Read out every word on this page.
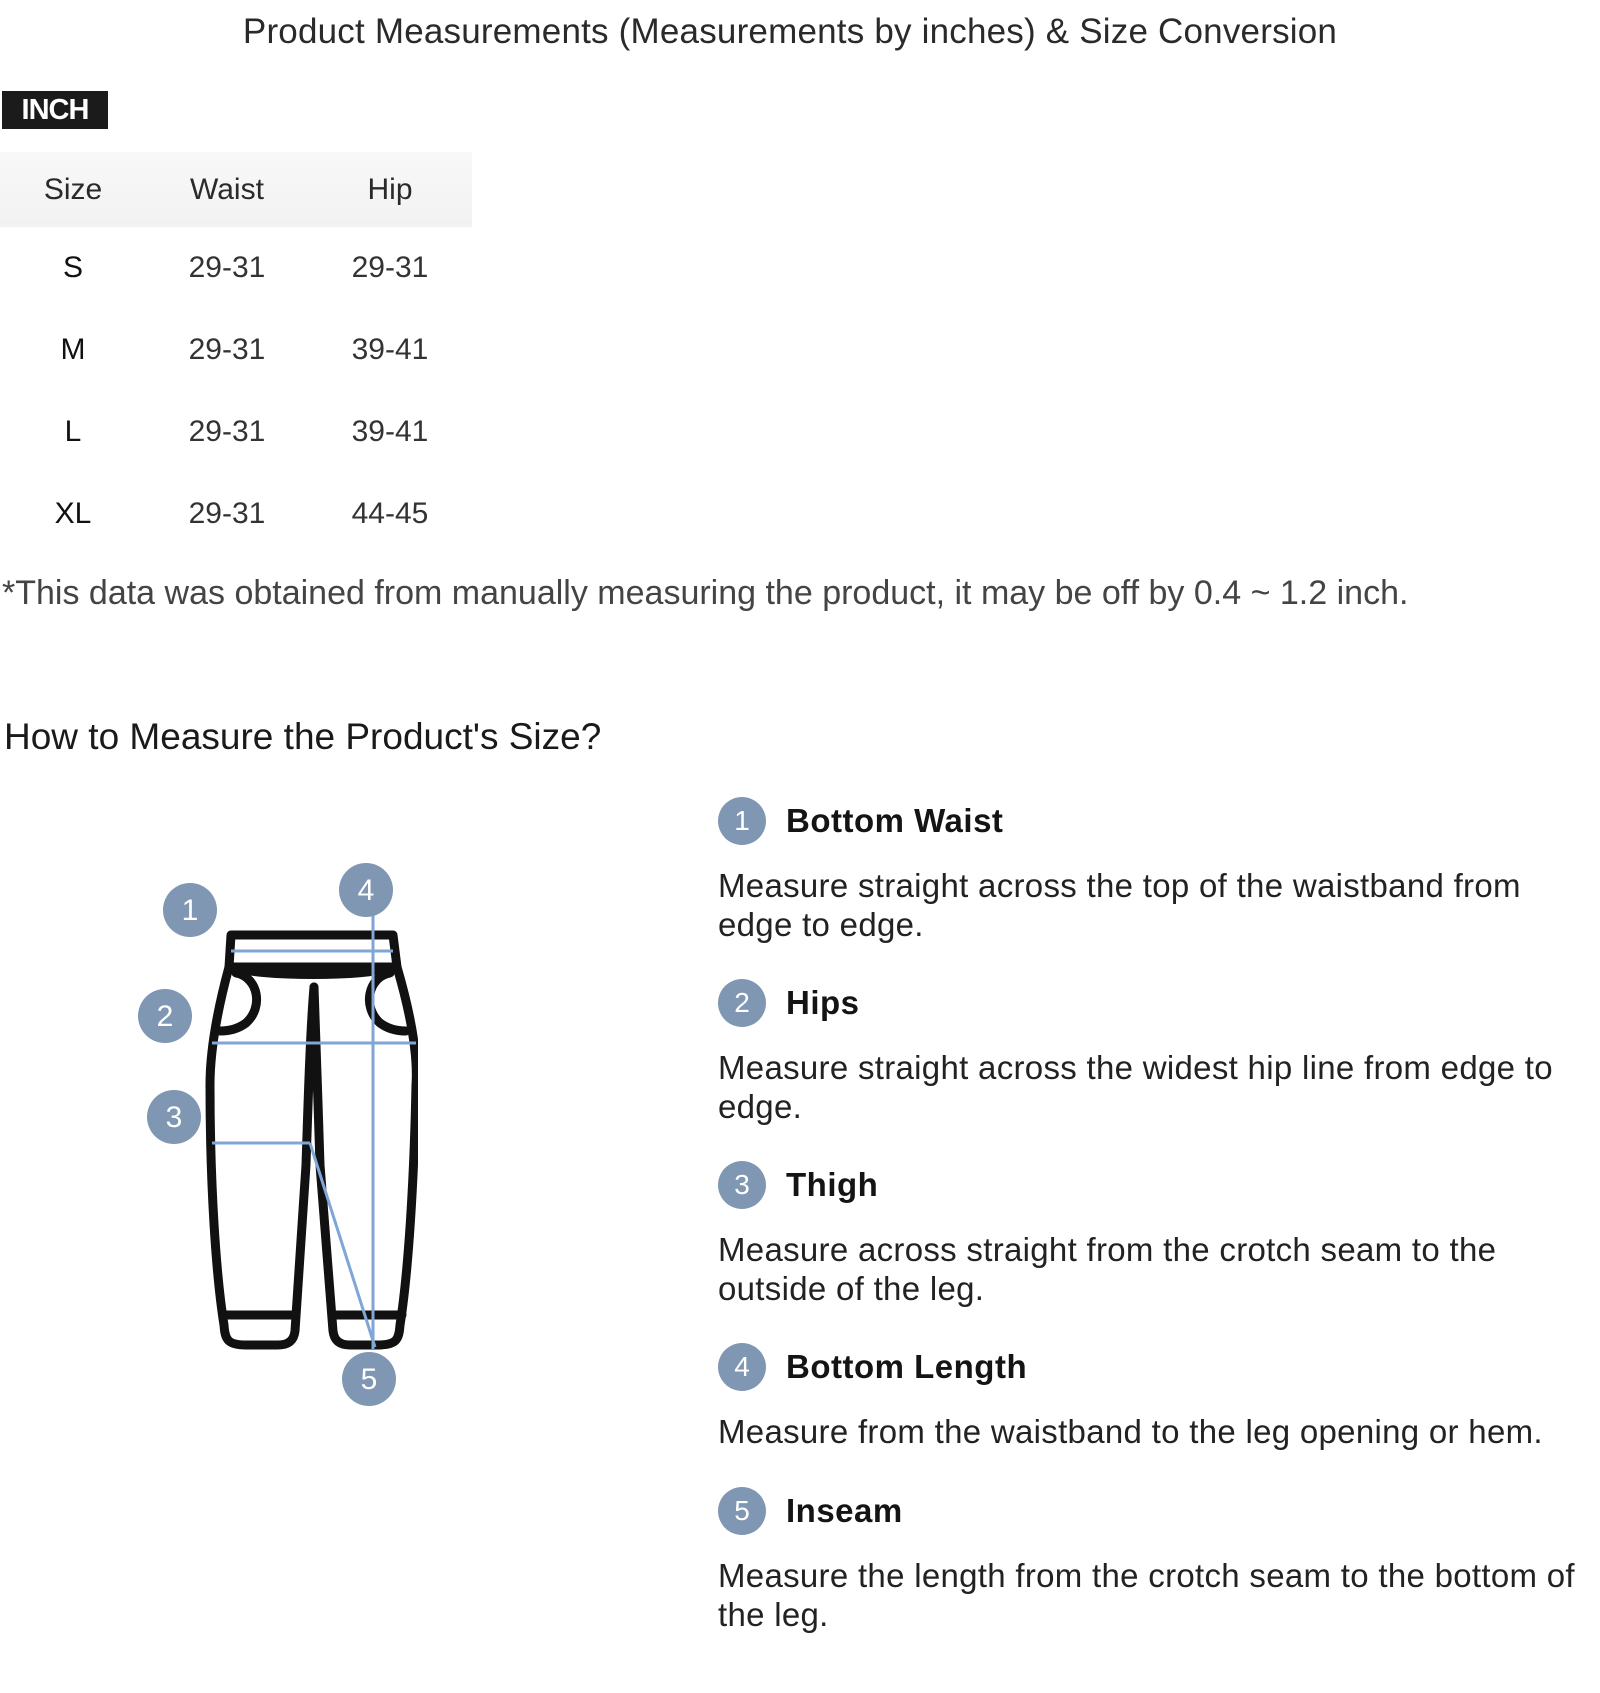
Product Measurements (Measurements by inches) & Size Conversion
INCH
Size	Waist	Hip
S	29-31	29-31
M	29-31	39-41
L	29-31	39-41
XL	29-31	44-45
*This data was obtained from manually measuring the product, it may be off by 0.4 ~ 1.2 inch.
How to Measure the Product's Size?
1
4
2
3
5
1	Bottom Waist
Measure straight across the top of the waistband from edge to edge.
2	Hips
Measure straight across the widest hip line from edge to edge.
3	Thigh
Measure across straight from the crotch seam to the outside of the leg.
4	Bottom Length
Measure from the waistband to the leg opening or hem.
5	Inseam
Measure the length from the crotch seam to the bottom of the leg.
